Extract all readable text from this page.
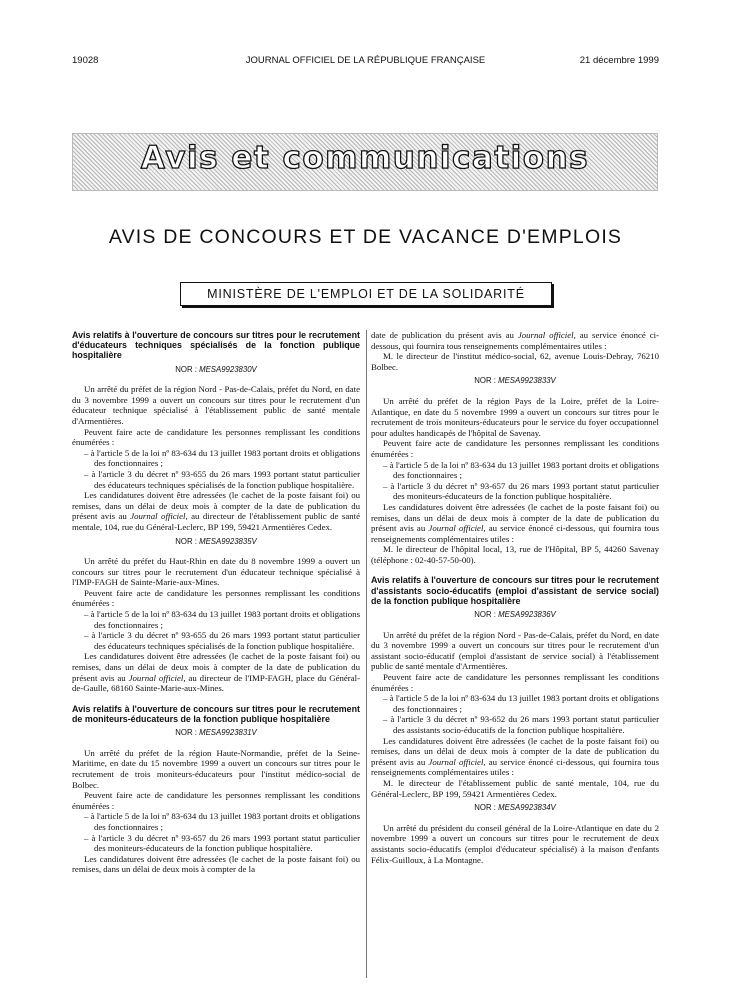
19028	JOURNAL OFFICIEL DE LA RÉPUBLIQUE FRANÇAISE	21 décembre 1999
Avis et communications
AVIS DE CONCOURS ET DE VACANCE D'EMPLOIS
MINISTÈRE DE L'EMPLOI ET DE LA SOLIDARITÉ
Avis relatifs à l'ouverture de concours sur titres pour le recrutement d'éducateurs techniques spécialisés de la fonction publique hospitalière
NOR : MESA9923830V

Un arrêté du préfet de la région Nord - Pas-de-Calais, préfet du Nord, en date du 3 novembre 1999 a ouvert un concours sur titres pour le recrutement d'un éducateur technique spécialisé à l'établissement public de santé mentale d'Armentières.

Peuvent faire acte de candidature les personnes remplissant les conditions énumérées :

– à l'article 5 de la loi nº 83-634 du 13 juillet 1983 portant droits et obligations des fonctionnaires ;
– à l'article 3 du décret nº 93-655 du 26 mars 1993 portant statut particulier des éducateurs techniques spécialisés de la fonction publique hospitalière.

Les candidatures doivent être adressées (le cachet de la poste faisant foi) ou remises, dans un délai de deux mois à compter de la date de publication du présent avis au Journal officiel, au directeur de l'établissement public de santé mentale, 104, rue du Général-Leclerc, BP 199, 59421 Armentières Cedex.

NOR : MESA9923835V

Un arrêté du préfet du Haut-Rhin en date du 8 novembre 1999 a ouvert un concours sur titres pour le recrutement d'un éducateur technique spécialisé à l'IMP-FAGH de Sainte-Marie-aux-Mines.

Peuvent faire acte de candidature les personnes remplissant les conditions énumérées :

– à l'article 5 de la loi nº 83-634 du 13 juillet 1983 portant droits et obligations des fonctionnaires ;
– à l'article 3 du décret nº 93-655 du 26 mars 1993 portant statut particulier des éducateurs techniques spécialisés de la fonction publique hospitalière.

Les candidatures doivent être adressées (le cachet de la poste faisant foi) ou remises, dans un délai de deux mois à compter de la date de publication du présent avis au Journal officiel, au directeur de l'IMP-FAGH, place du Général-de-Gaulle, 68160 Sainte-Marie-aux-Mines.

Avis relatifs à l'ouverture de concours sur titres pour le recrutement de moniteurs-éducateurs de la fonction publique hospitalière
NOR : MESA9923831V

Un arrêté du préfet de la région Haute-Normandie, préfet de la Seine-Maritime, en date du 15 novembre 1999 a ouvert un concours sur titres pour le recrutement de trois moniteurs-éducateurs pour l'institut médico-social de Bolbec.

Peuvent faire acte de candidature les personnes remplissant les conditions énumérées :

– à l'article 5 de la loi nº 83-634 du 13 juillet 1983 portant droits et obligations des fonctionnaires ;
– à l'article 3 du décret nº 93-657 du 26 mars 1993 portant statut particulier des moniteurs-éducateurs de la fonction publique hospitalière.

Les candidatures doivent être adressées (le cachet de la poste faisant foi) ou remises, dans un délai de deux mois à compter de la

date de publication du présent avis au Journal officiel, au service énoncé ci-dessous, qui fournira tous renseignements complémentaires utiles :

M. le directeur de l'institut médico-social, 62, avenue Louis-Debray, 76210 Bolbec.

NOR : MESA9923833V

Un arrêté du préfet de la région Pays de la Loire, préfet de la Loire-Atlantique, en date du 5 novembre 1999 a ouvert un concours sur titres pour le recrutement de trois moniteurs-éducateurs pour le service du foyer occupationnel pour adultes handicapés de l'hôpital de Savenay.

Peuvent faire acte de candidature les personnes remplissant les conditions énumérées :

– à l'article 5 de la loi nº 83-634 du 13 juillet 1983 portant droits et obligations des fonctionnaires ;
– à l'article 3 du décret nº 93-657 du 26 mars 1993 portant statut particulier des moniteurs-éducateurs de la fonction publique hospitalière.

Les candidatures doivent être adressées (le cachet de la poste faisant foi) ou remises, dans un délai de deux mois à compter de la date de publication du présent avis au Journal officiel, au service énoncé ci-dessous, qui fournira tous renseignements complémentaires utiles :

M. le directeur de l'hôpital local, 13, rue de l'Hôpital, BP 5, 44260 Savenay (téléphone : 02-40-57-50-00).

Avis relatifs à l'ouverture de concours sur titres pour le recrutement d'assistants socio-éducatifs (emploi d'assistant de service social) de la fonction publique hospitalière
NOR : MESA9923836V

Un arrêté du préfet de la région Nord - Pas-de-Calais, préfet du Nord, en date du 3 novembre 1999 a ouvert un concours sur titres pour le recrutement d'un assistant socio-éducatif (emploi d'assistant de service social) à l'établissement public de santé mentale d'Armentières.

Peuvent faire acte de candidature les personnes remplissant les conditions énumérées :

– à l'article 5 de la loi nº 83-634 du 13 juillet 1983 portant droits et obligations des fonctionnaires ;
– à l'article 3 du décret nº 93-652 du 26 mars 1993 portant statut particulier des assistants socio-éducatifs de la fonction publique hospitalière.

Les candidatures doivent être adressées (le cachet de la poste faisant foi) ou remises, dans un délai de deux mois à compter de la date de publication du présent avis au Journal officiel, au service énoncé ci-dessous, qui fournira tous renseignements complémentaires utiles :

M. le directeur de l'établissement public de santé mentale, 104, rue du Général-Leclerc, BP 199, 59421 Armentières Cedex.

NOR : MESA9923834V

Un arrêté du président du conseil général de la Loire-Atlantique en date du 2 novembre 1999 a ouvert un concours sur titres pour le recrutement de deux assistants socio-éducatifs (emploi d'éducateur spécialisé) à la maison d'enfants Félix-Guilloux, à La Montagne.
